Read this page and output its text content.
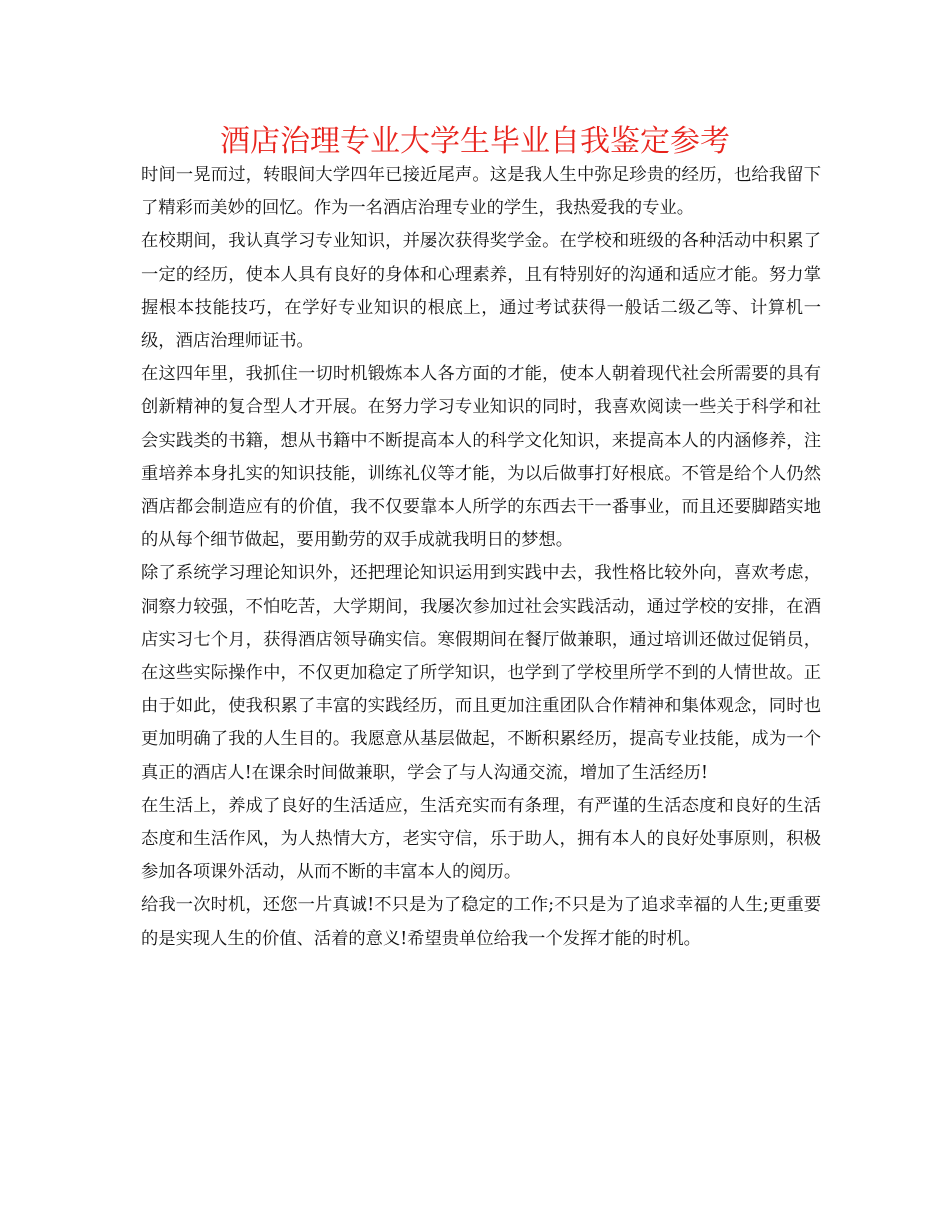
酒店治理专业大学生毕业自我鉴定参考

时间一晃而过，转眼间大学四年已接近尾声。这是我人生中弥足珍贵的经历，也给我留下了精彩而美妙的回忆。作为一名酒店治理专业的学生，我热爱我的专业。

在校期间，我认真学习专业知识，并屡次获得奖学金。在学校和班级的各种活动中积累了一定的经历，使本人具有良好的身体和心理素养，且有特别好的沟通和适应才能。努力掌握根本技能技巧，在学好专业知识的根底上，通过考试获得一般话二级乙等、计算机一级，酒店治理师证书。

在这四年里，我抓住一切时机锻炼本人各方面的才能，使本人朝着现代社会所需要的具有创新精神的复合型人才开展。在努力学习专业知识的同时，我喜欢阅读一些关于科学和社会实践类的书籍，想从书籍中不断提高本人的科学文化知识，来提高本人的内涵修养，注重培养本身扎实的知识技能，训练礼仪等才能，为以后做事打好根底。不管是给个人仍然酒店都会制造应有的价值，我不仅要靠本人所学的东西去干一番事业，而且还要脚踏实地的从每个细节做起，要用勤劳的双手成就我明日的梦想。

除了系统学习理论知识外，还把理论知识运用到实践中去，我性格比较外向，喜欢考虑，洞察力较强，不怕吃苦，大学期间，我屡次参加过社会实践活动，通过学校的安排，在酒店实习七个月，获得酒店领导确实信。寒假期间在餐厅做兼职，通过培训还做过促销员，在这些实际操作中，不仅更加稳定了所学知识，也学到了学校里所学不到的人情世故。正由于如此，使我积累了丰富的实践经历，而且更加注重团队合作精神和集体观念，同时也更加明确了我的人生目的。我愿意从基层做起，不断积累经历，提高专业技能，成为一个真正的酒店人!在课余时间做兼职，学会了与人沟通交流，增加了生活经历!

在生活上，养成了良好的生活适应，生活充实而有条理，有严谨的生活态度和良好的生活态度和生活作风，为人热情大方，老实守信，乐于助人，拥有本人的良好处事原则，积极参加各项课外活动，从而不断的丰富本人的阅历。

给我一次时机，还您一片真诚!不只是为了稳定的工作;不只是为了追求幸福的人生;更重要的是实现人生的价值、活着的意义!希望贵单位给我一个发挥才能的时机。
